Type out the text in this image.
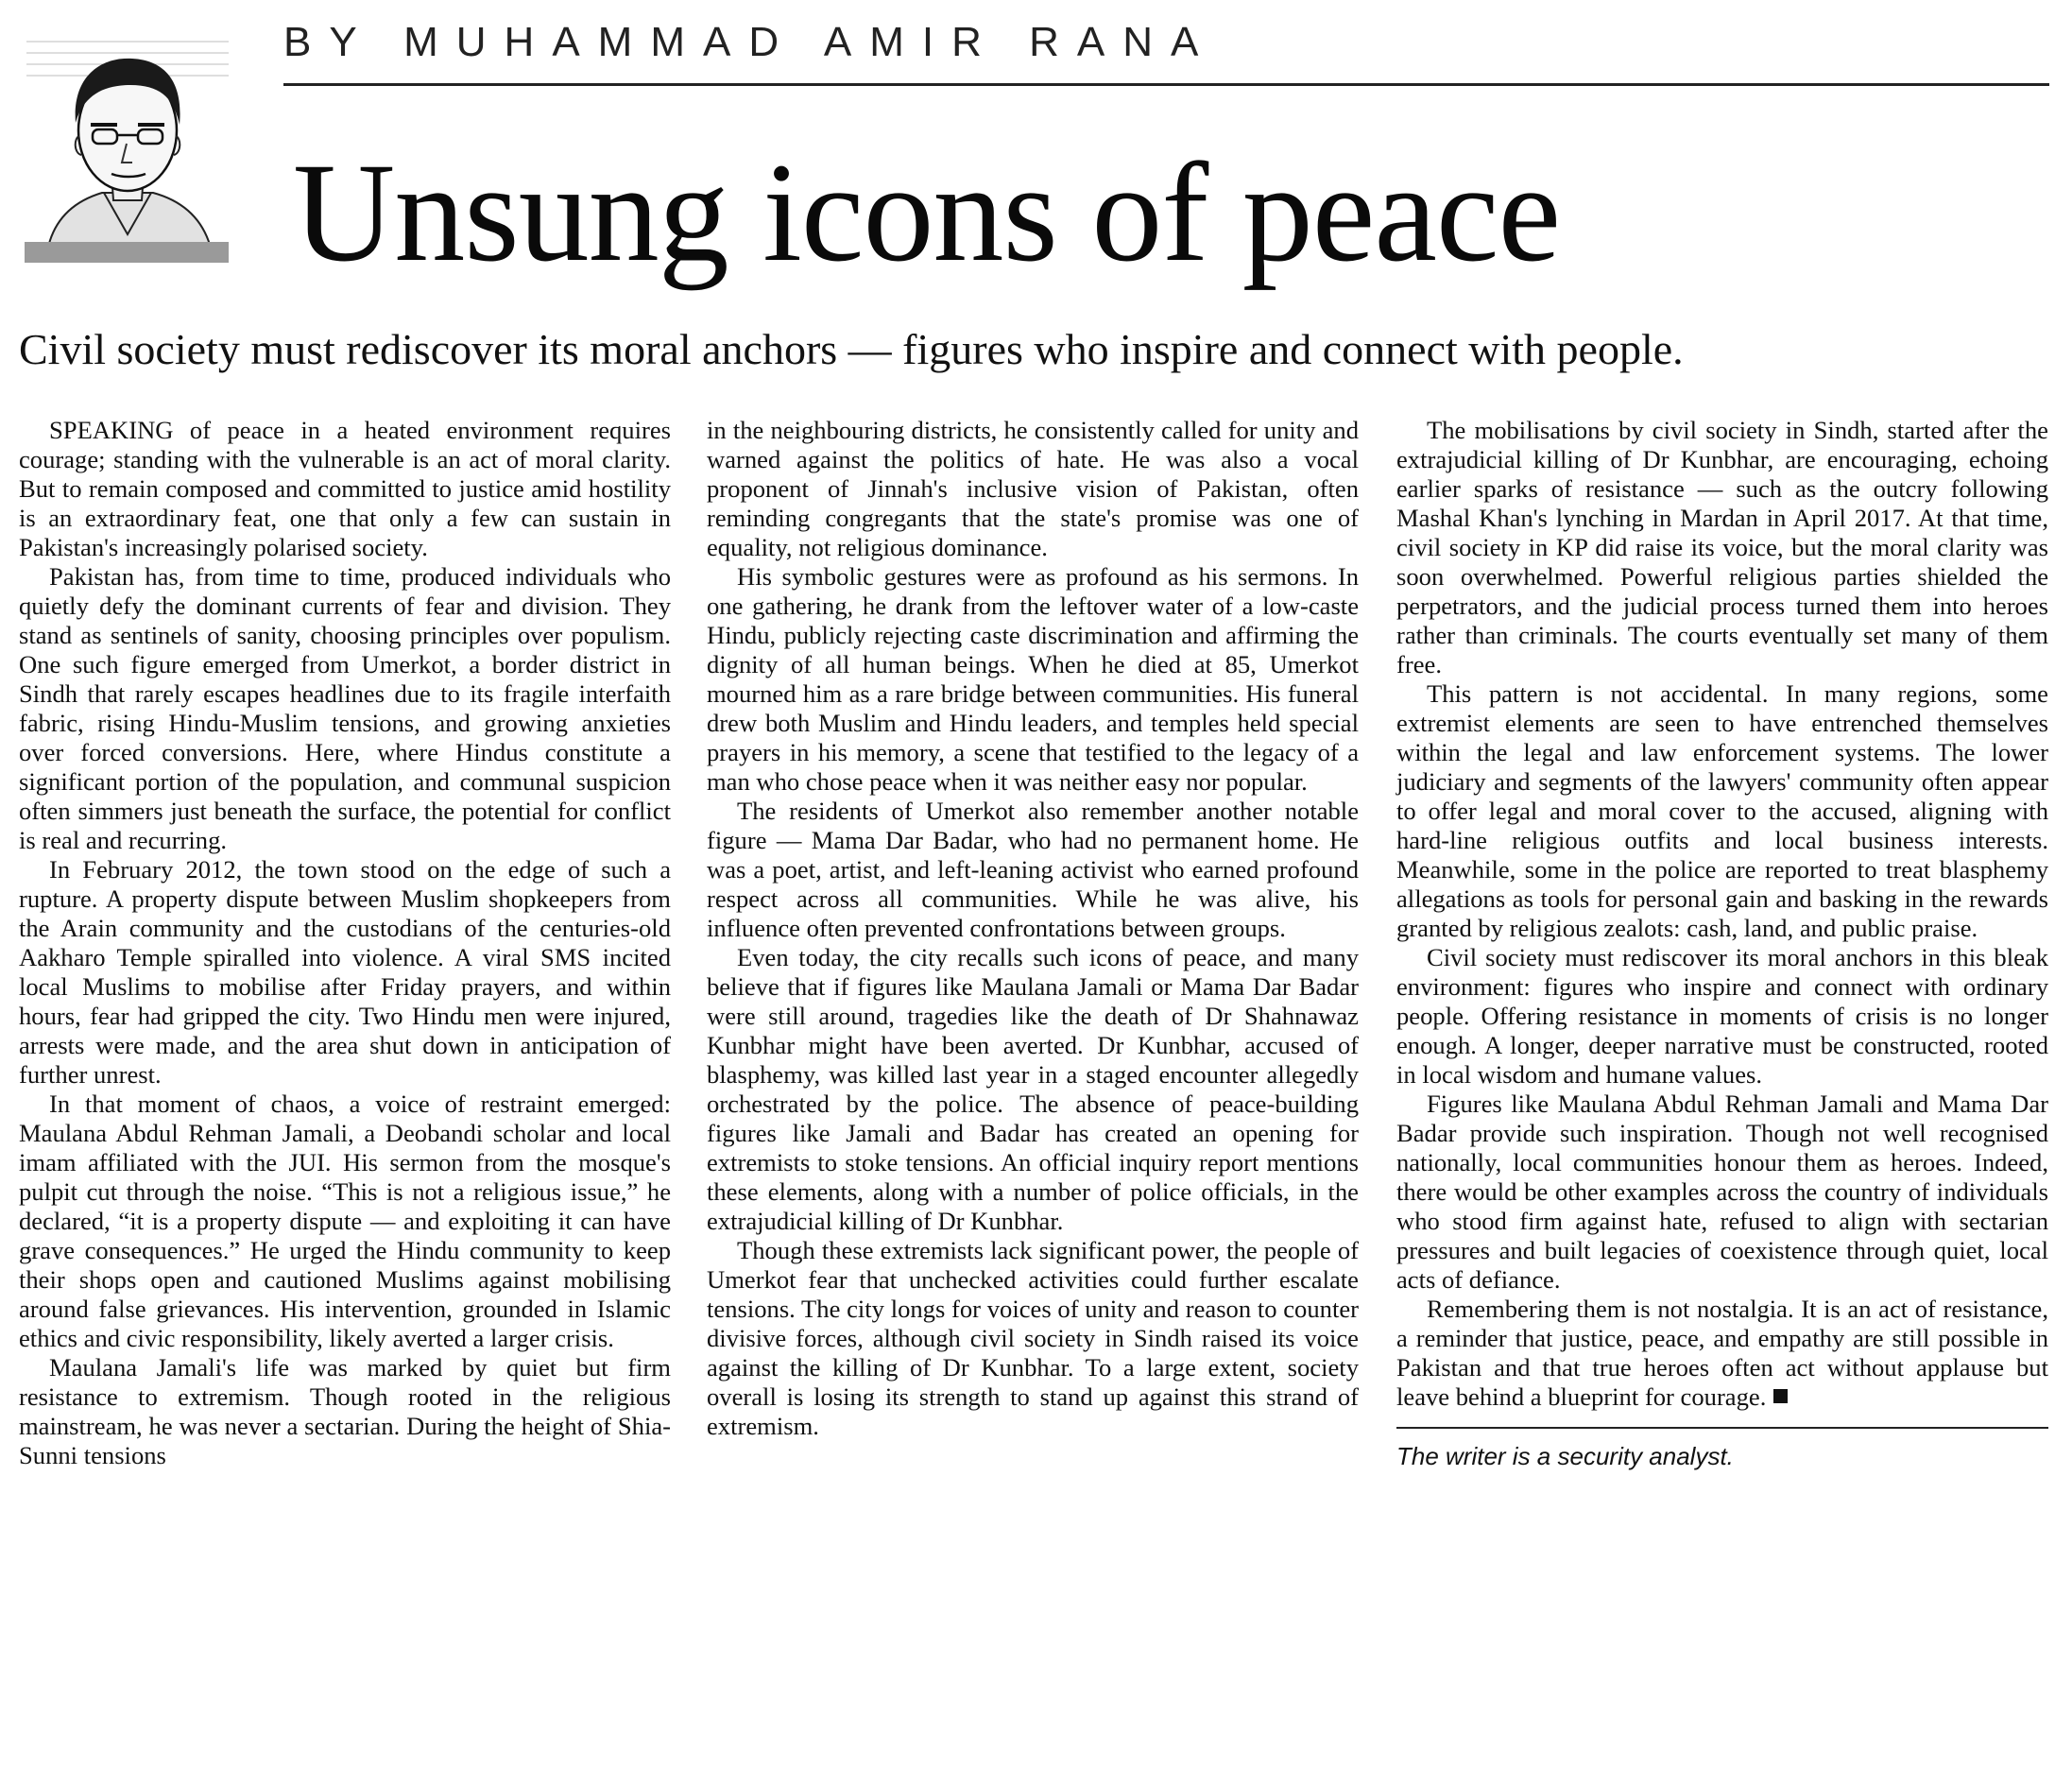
BY MUHAMMAD AMIR RANA
Unsung icons of peace

Civil society must rediscover its moral anchors — figures who inspire and connect with people.

SPEAKING of peace in a heated environment requires courage; standing with the vulnerable is an act of moral clarity. But to remain composed and committed to justice amid hostility is an extraordinary feat, one that only a few can sustain in Pakistan's increasingly polarised society.

Pakistan has, from time to time, produced individuals who quietly defy the dominant currents of fear and division. They stand as sentinels of sanity, choosing principles over populism. One such figure emerged from Umerkot, a border district in Sindh that rarely escapes headlines due to its fragile interfaith fabric, rising Hindu-Muslim tensions, and growing anxieties over forced conversions. Here, where Hindus constitute a significant portion of the population, and communal suspicion often simmers just beneath the surface, the potential for conflict is real and recurring.

In February 2012, the town stood on the edge of such a rupture. A property dispute between Muslim shopkeepers from the Arain community and the custodians of the centuries-old Aakharo Temple spiralled into violence. A viral SMS incited local Muslims to mobilise after Friday prayers, and within hours, fear had gripped the city. Two Hindu men were injured, arrests were made, and the area shut down in anticipation of further unrest.

In that moment of chaos, a voice of restraint emerged: Maulana Abdul Rehman Jamali, a Deobandi scholar and local imam affiliated with the JUI. His sermon from the mosque's pulpit cut through the noise. “This is not a religious issue,” he declared, “it is a property dispute — and exploiting it can have grave consequences.” He urged the Hindu community to keep their shops open and cautioned Muslims against mobilising around false grievances. His intervention, grounded in Islamic ethics and civic responsibility, likely averted a larger crisis.

Maulana Jamali's life was marked by quiet but firm resistance to extremism. Though rooted in the religious mainstream, he was never a sectarian. During the height of Shia-Sunni tensions

in the neighbouring districts, he consistently called for unity and warned against the politics of hate. He was also a vocal proponent of Jinnah's inclusive vision of Pakistan, often reminding congregants that the state's promise was one of equality, not religious dominance.

His symbolic gestures were as profound as his sermons. In one gathering, he drank from the leftover water of a low-caste Hindu, publicly rejecting caste discrimination and affirming the dignity of all human beings. When he died at 85, Umerkot mourned him as a rare bridge between communities. His funeral drew both Muslim and Hindu leaders, and temples held special prayers in his memory, a scene that testified to the legacy of a man who chose peace when it was neither easy nor popular.

The residents of Umerkot also remember another notable figure — Mama Dar Badar, who had no permanent home. He was a poet, artist, and left-leaning activist who earned profound respect across all communities. While he was alive, his influence often prevented confrontations between groups.

Even today, the city recalls such icons of peace, and many believe that if figures like Maulana Jamali or Mama Dar Badar were still around, tragedies like the death of Dr Shahnawaz Kunbhar might have been averted. Dr Kunbhar, accused of blasphemy, was killed last year in a staged encounter allegedly orchestrated by the police. The absence of peace-building figures like Jamali and Badar has created an opening for extremists to stoke tensions. An official inquiry report mentions these elements, along with a number of police officials, in the extrajudicial killing of Dr Kunbhar.

Though these extremists lack significant power, the people of Umerkot fear that unchecked activities could further escalate tensions. The city longs for voices of unity and reason to counter divisive forces, although civil society in Sindh raised its voice against the killing of Dr Kunbhar. To a large extent, society overall is losing its strength to stand up against this strand of extremism.

The mobilisations by civil society in Sindh, started after the extrajudicial killing of Dr Kunbhar, are encouraging, echoing earlier sparks of resistance — such as the outcry following Mashal Khan's lynching in Mardan in April 2017. At that time, civil society in KP did raise its voice, but the moral clarity was soon overwhelmed. Powerful religious parties shielded the perpetrators, and the judicial process turned them into heroes rather than criminals. The courts eventually set many of them free.

This pattern is not accidental. In many regions, some extremist elements are seen to have entrenched themselves within the legal and law enforcement systems. The lower judiciary and segments of the lawyers' community often appear to offer legal and moral cover to the accused, aligning with hard-line religious outfits and local business interests. Meanwhile, some in the police are reported to treat blasphemy allegations as tools for personal gain and basking in the rewards granted by religious zealots: cash, land, and public praise.

Civil society must rediscover its moral anchors in this bleak environment: figures who inspire and connect with ordinary people. Offering resistance in moments of crisis is no longer enough. A longer, deeper narrative must be constructed, rooted in local wisdom and humane values.

Figures like Maulana Abdul Rehman Jamali and Mama Dar Badar provide such inspiration. Though not well recognised nationally, local communities honour them as heroes. Indeed, there would be other examples across the country of individuals who stood firm against hate, refused to align with sectarian pressures and built legacies of coexistence through quiet, local acts of defiance.

Remembering them is not nostalgia. It is an act of resistance, a reminder that justice, peace, and empathy are still possible in Pakistan and that true heroes often act without applause but leave behind a blueprint for courage.

The writer is a security analyst.
